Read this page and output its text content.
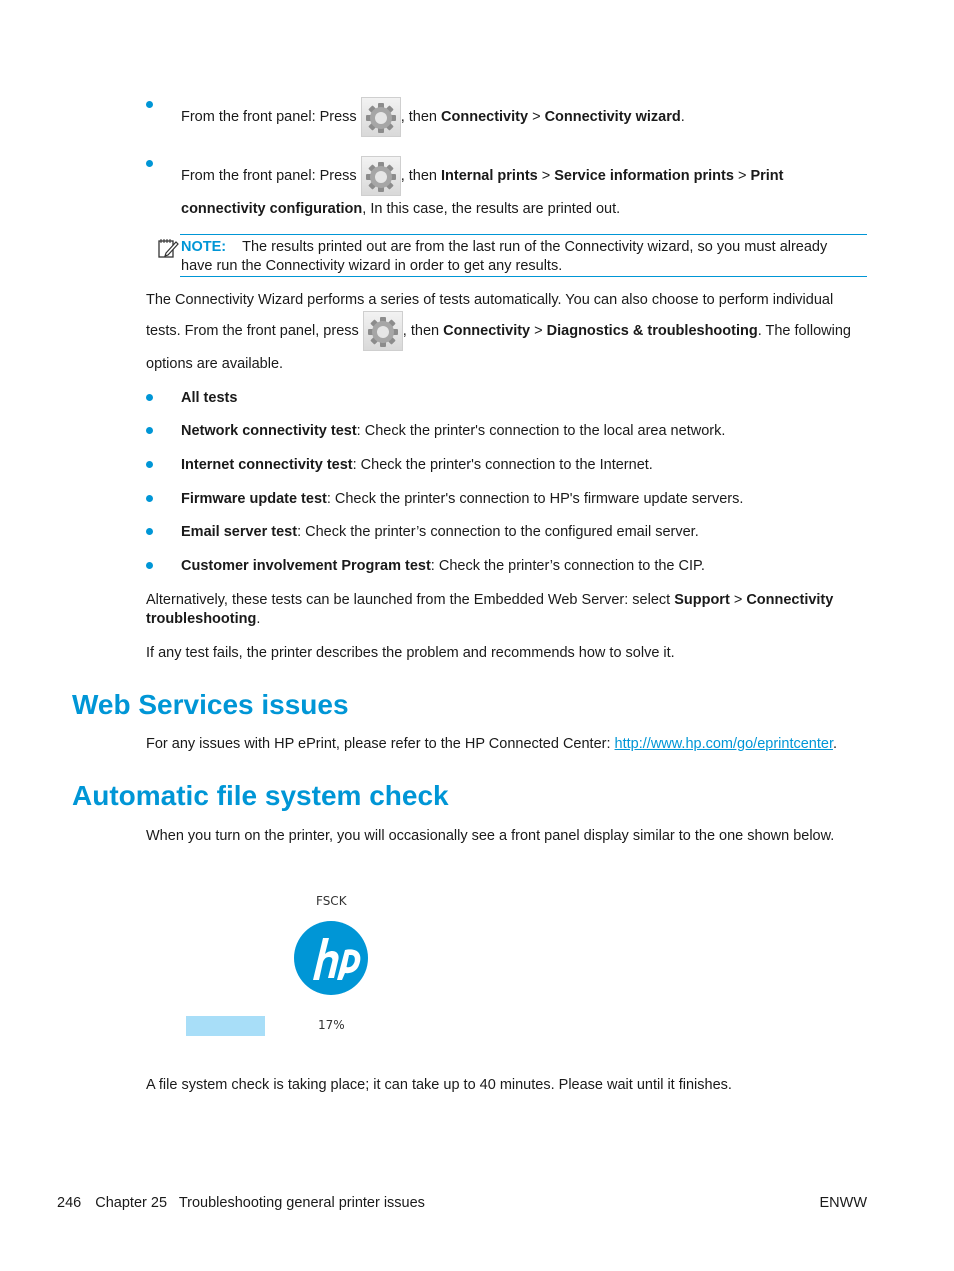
From the front panel: Press	, then Connectivity > Connectivity wizard.
From the front panel: Press	, then Internal prints > Service information prints > Print
connectivity configuration, In this case, the results are printed out.
NOTE: The results printed out are from the last run of the Connectivity wizard, so you must already
have run the Connectivity wizard in order to get any results.
The Connectivity Wizard performs a series of tests automatically. You can also choose to perform individual
tests. From the front panel, press	, then Connectivity > Diagnostics & troubleshooting. The following
options are available.
All tests
Network connectivity test: Check the printer's connection to the local area network.
Internet connectivity test: Check the printer's connection to the Internet.
Firmware update test: Check the printer's connection to HP's firmware update servers.
Email server test: Check the printer’s connection to the configured email server.
Customer involvement Program test: Check the printer’s connection to the CIP.
Alternatively, these tests can be launched from the Embedded Web Server: select Support > Connectivity
troubleshooting.
If any test fails, the printer describes the problem and recommends how to solve it.
Web Services issues
For any issues with HP ePrint, please refer to the HP Connected Center: http://www.hp.com/go/eprintcenter.
Automatic file system check
When you turn on the printer, you will occasionally see a front panel display similar to the one shown below.
FSCK
17%
A file system check is taking place; it can take up to 40 minutes. Please wait until it finishes.
246 Chapter 25 Troubleshooting general printer issues	ENWW
